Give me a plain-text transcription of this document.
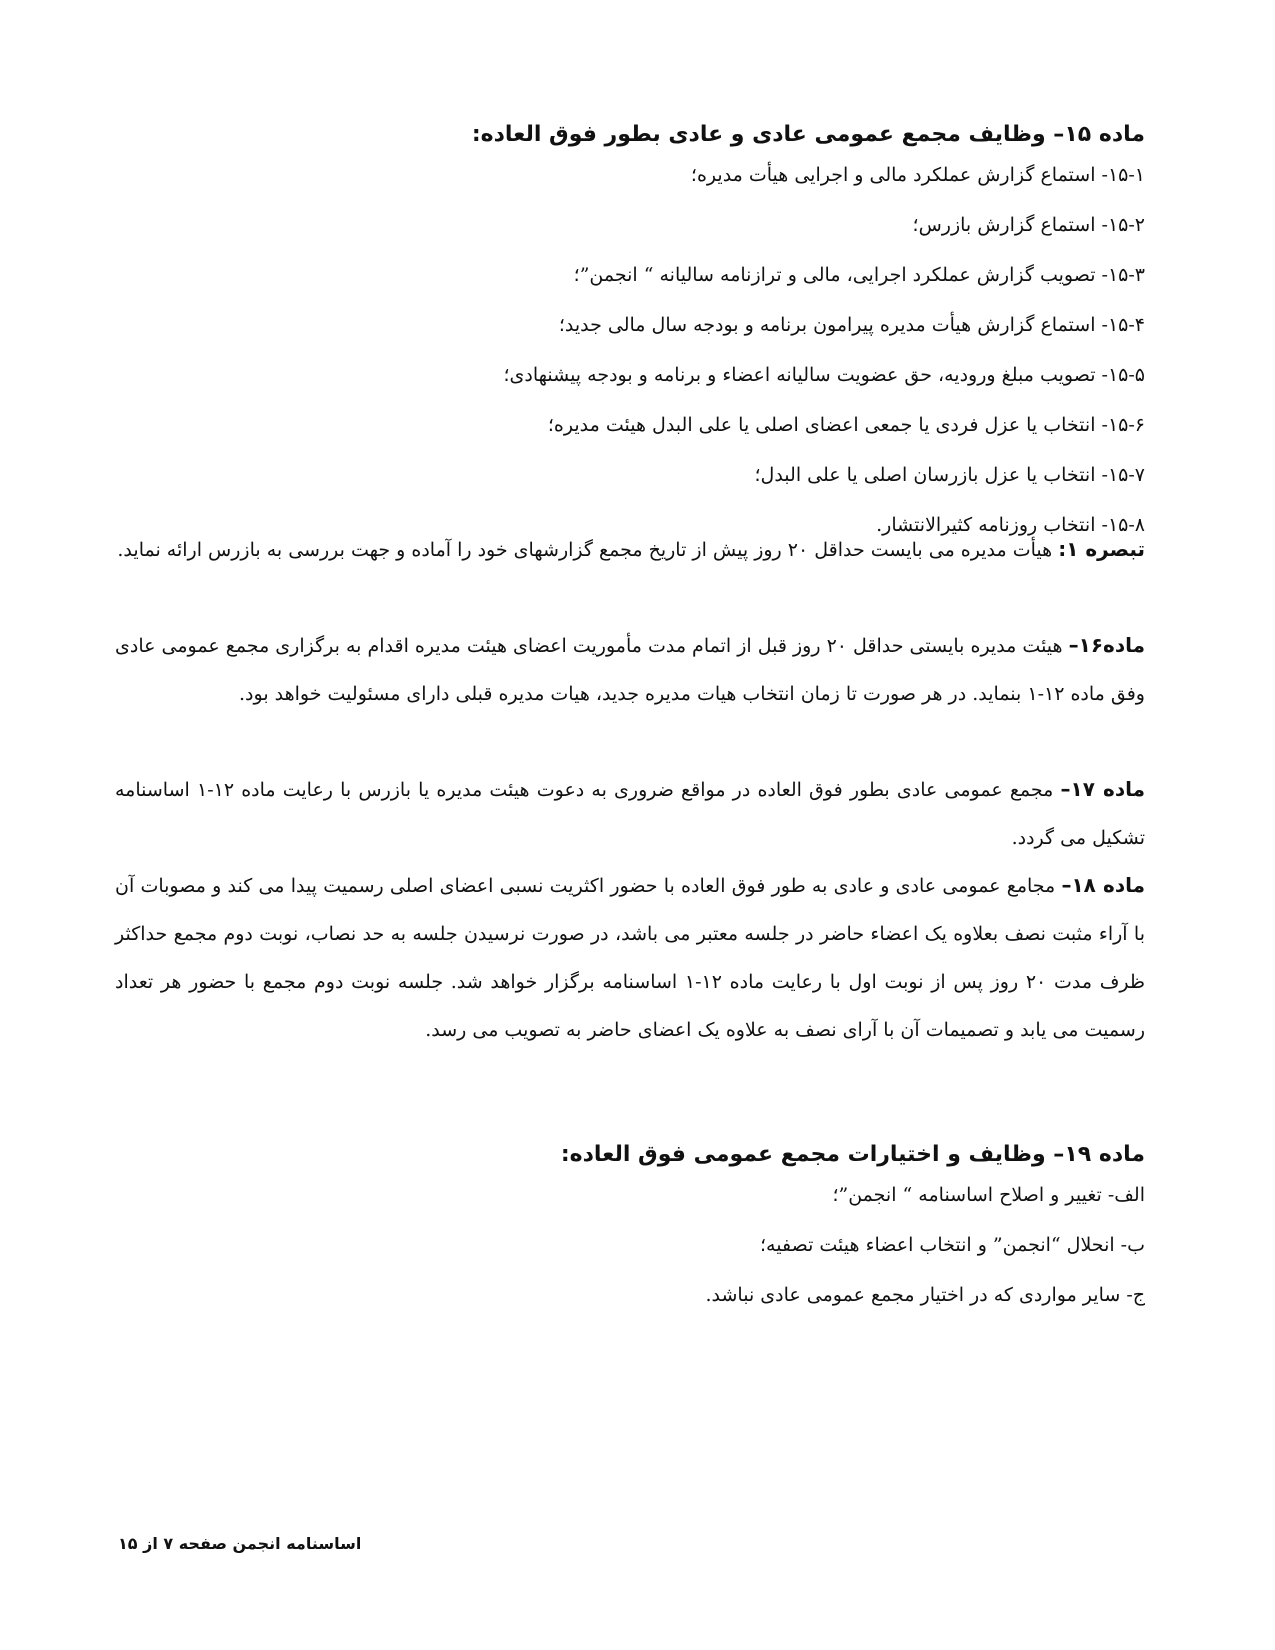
ماده ۱۵– وظایف مجمع عمومی عادی و عادی بطور فوق العاده:
۱۵-۱- استماع گزارش عملکرد مالی و اجرایی هیأت مدیره؛
۱۵-۲- استماع گزارش بازرس؛
۱۵-۳- تصویب گزارش عملکرد اجرایی، مالی و ترازنامه سالیانه “ انجمن”؛
۱۵-۴- استماع گزارش هیأت مدیره پیرامون برنامه و بودجه سال مالی جدید؛
۱۵-۵- تصویب مبلغ ورودیه، حق عضویت سالیانه اعضاء و برنامه و بودجه پیشنهادی؛
۱۵-۶- انتخاب یا عزل فردی یا جمعی اعضای اصلی یا علی البدل هیئت مدیره؛
۱۵-۷- انتخاب یا عزل بازرسان اصلی یا علی البدل؛
۱۵-۸- انتخاب روزنامه کثیرالانتشار.
تبصره ۱: هیأت مدیره می بایست حداقل ۲۰ روز پیش از تاریخ مجمع گزارشهای خود را آماده و جهت بررسی به بازرس ارائه نماید.
ماده۱۶– هیئت مدیره بایستی حداقل ۲۰ روز قبل از اتمام مدت مأموریت اعضای هیئت مدیره اقدام به برگزاری مجمع عمومی عادی وفق ماده ۱۲-۱ بنماید. در هر صورت تا زمان انتخاب هیات مدیره جدید، هیات مدیره قبلی دارای مسئولیت خواهد بود.
ماده ۱۷– مجمع عمومی عادی بطور فوق العاده در مواقع ضروری به دعوت هیئت مدیره یا بازرس با رعایت ماده ۱۲-۱ اساسنامه تشکیل می گردد.
ماده ۱۸– مجامع عمومی عادی و عادی به طور فوق العاده با حضور اکثریت نسبی اعضای اصلی رسمیت پیدا می کند و مصوبات آن با آراء مثبت نصف بعلاوه یک اعضاء حاضر در جلسه معتبر می باشد، در صورت نرسیدن جلسه به حد نصاب، نوبت دوم مجمع حداکثر ظرف مدت ۲۰ روز پس از نوبت اول با رعایت ماده ۱۲-۱ اساسنامه برگزار خواهد شد. جلسه نوبت دوم مجمع با حضور هر تعداد رسمیت می یابد و تصمیمات آن با آرای نصف به علاوه یک اعضای حاضر به تصویب می رسد.
ماده ۱۹– وظایف و اختیارات مجمع عمومی فوق العاده:
الف- تغییر و اصلاح اساسنامه “ انجمن”؛
ب- انحلال “انجمن” و انتخاب اعضاء هیئت تصفیه؛
ج- سایر مواردی که در اختیار مجمع عمومی عادی نباشد.
اساسنامه انجمن صفحه ۷ از ۱۵
